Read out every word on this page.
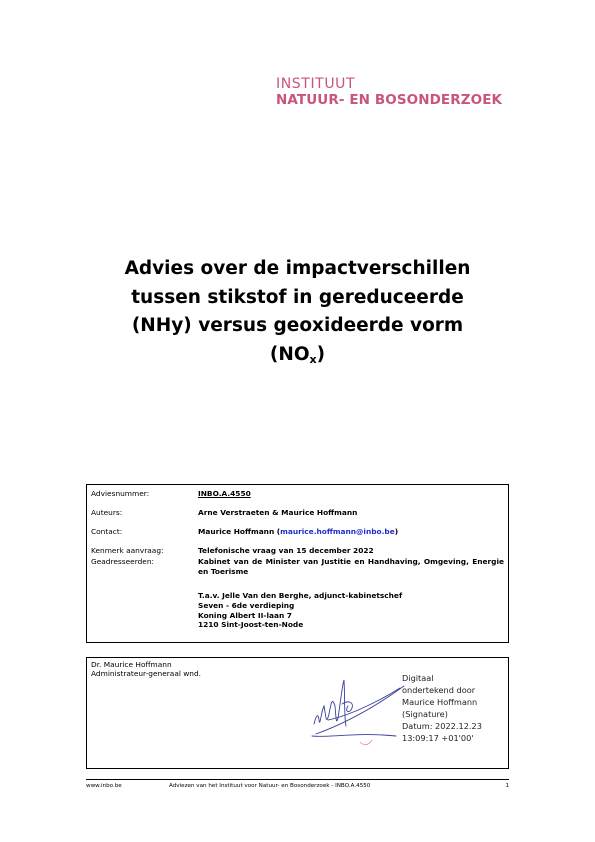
INSTITUUT
NATUUR- EN BOSONDERZOEK
Advies over de impactverschillen
tussen stikstof in gereduceerde
(NHy) versus geoxideerde vorm
$(NO_x)$
Adviesnummer:	INBO.A.4550
Auteurs:	Arne Verstraeten & Maurice Hoffmann
Contact:	Maurice Hoffmann (maurice.hoffmann@inbo.be)
Kenmerk aanvraag:	Telefonische vraag van 15 december 2022
Geadresseerden:	Kabinet van de Minister van Justitie en Handhaving, Omgeving, Energie en Toerisme
T.a.v. Jelle Van den Berghe, adjunct-kabinetschef
Seven - 6de verdieping
Koning Albert II-laan 7
1210 Sint-Joost-ten-Node
Dr. Maurice Hoffmann
Administrateur-generaal wnd.	Digitaal
ondertekend door
Maurice Hoffmann
(Signature)
Datum: 2022.12.23
13:09:17 +01'00'
www.inbo.be	Adviezen van het Instituut voor Natuur- en Bosonderzoek - INBO.A.4550	1
